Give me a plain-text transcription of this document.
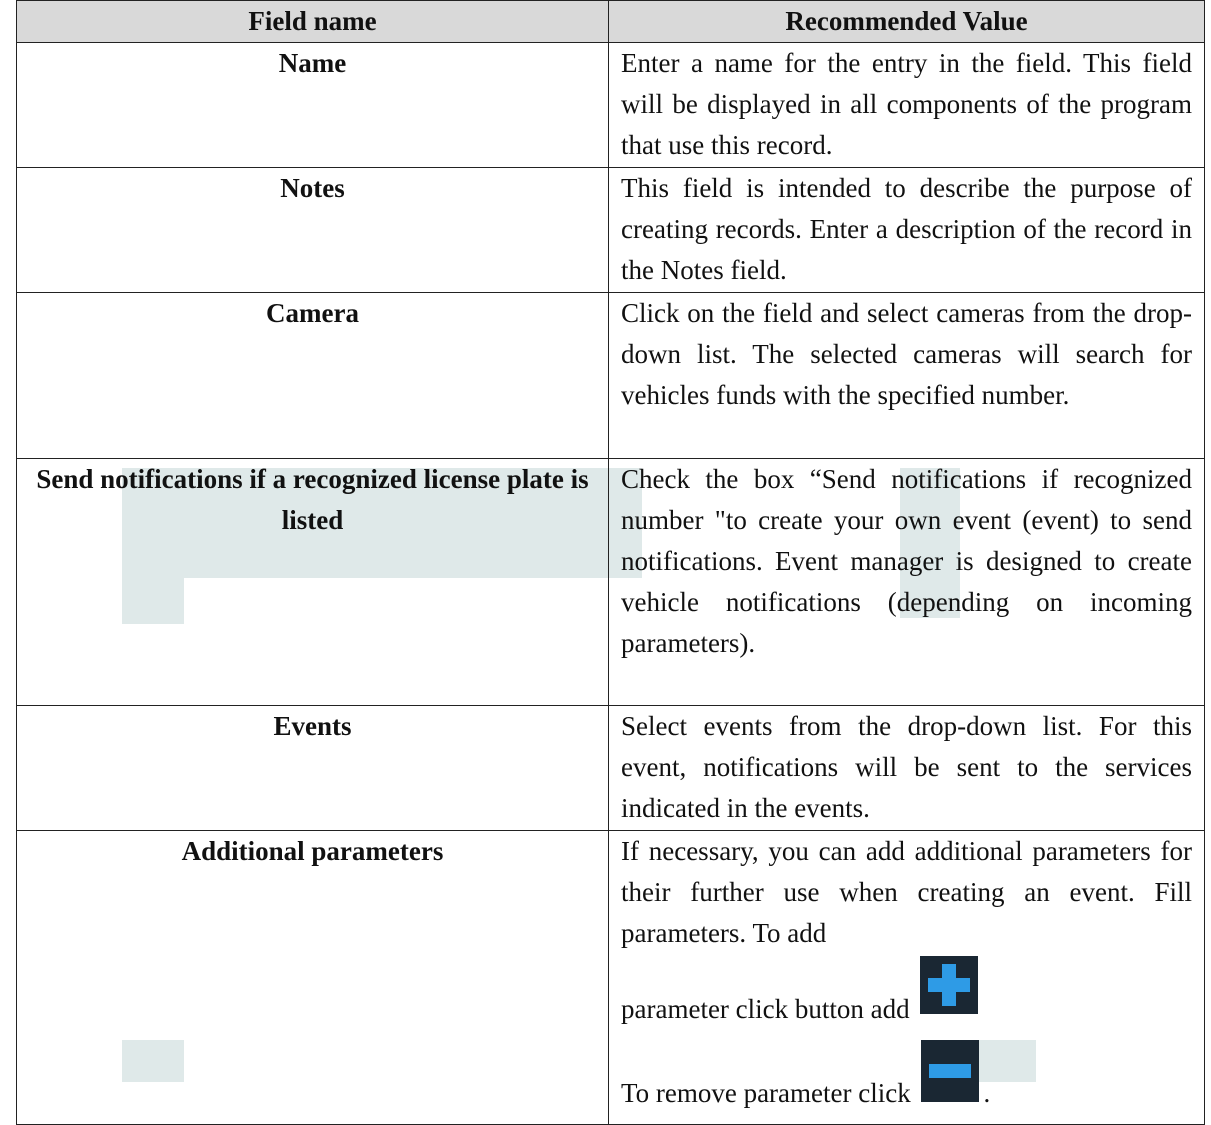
Field name	Recommended Value
Name	Enter a name for the entry in the field. This field will be displayed in all components of the program that use this record.
Notes	This field is intended to describe the purpose of creating records. Enter a description of the record in the Notes field.
Camera	Click on the field and select cameras from the drop-down list. The selected cameras will search for vehicles funds with the specified number.
Send notifications if a recognized license plate is listed	Check the box “Send notifications if recognized number "to create your own event (event) to send notifications. Event manager is designed to create vehicle notifications (depending on incoming parameters).
Events	Select events from the drop-down list. For this event, notifications will be sent to the services indicated in the events.
Additional parameters	If necessary, you can add additional parameters for their further use when creating an event. Fill parameters. To add
parameter click button add
To remove parameter click .
